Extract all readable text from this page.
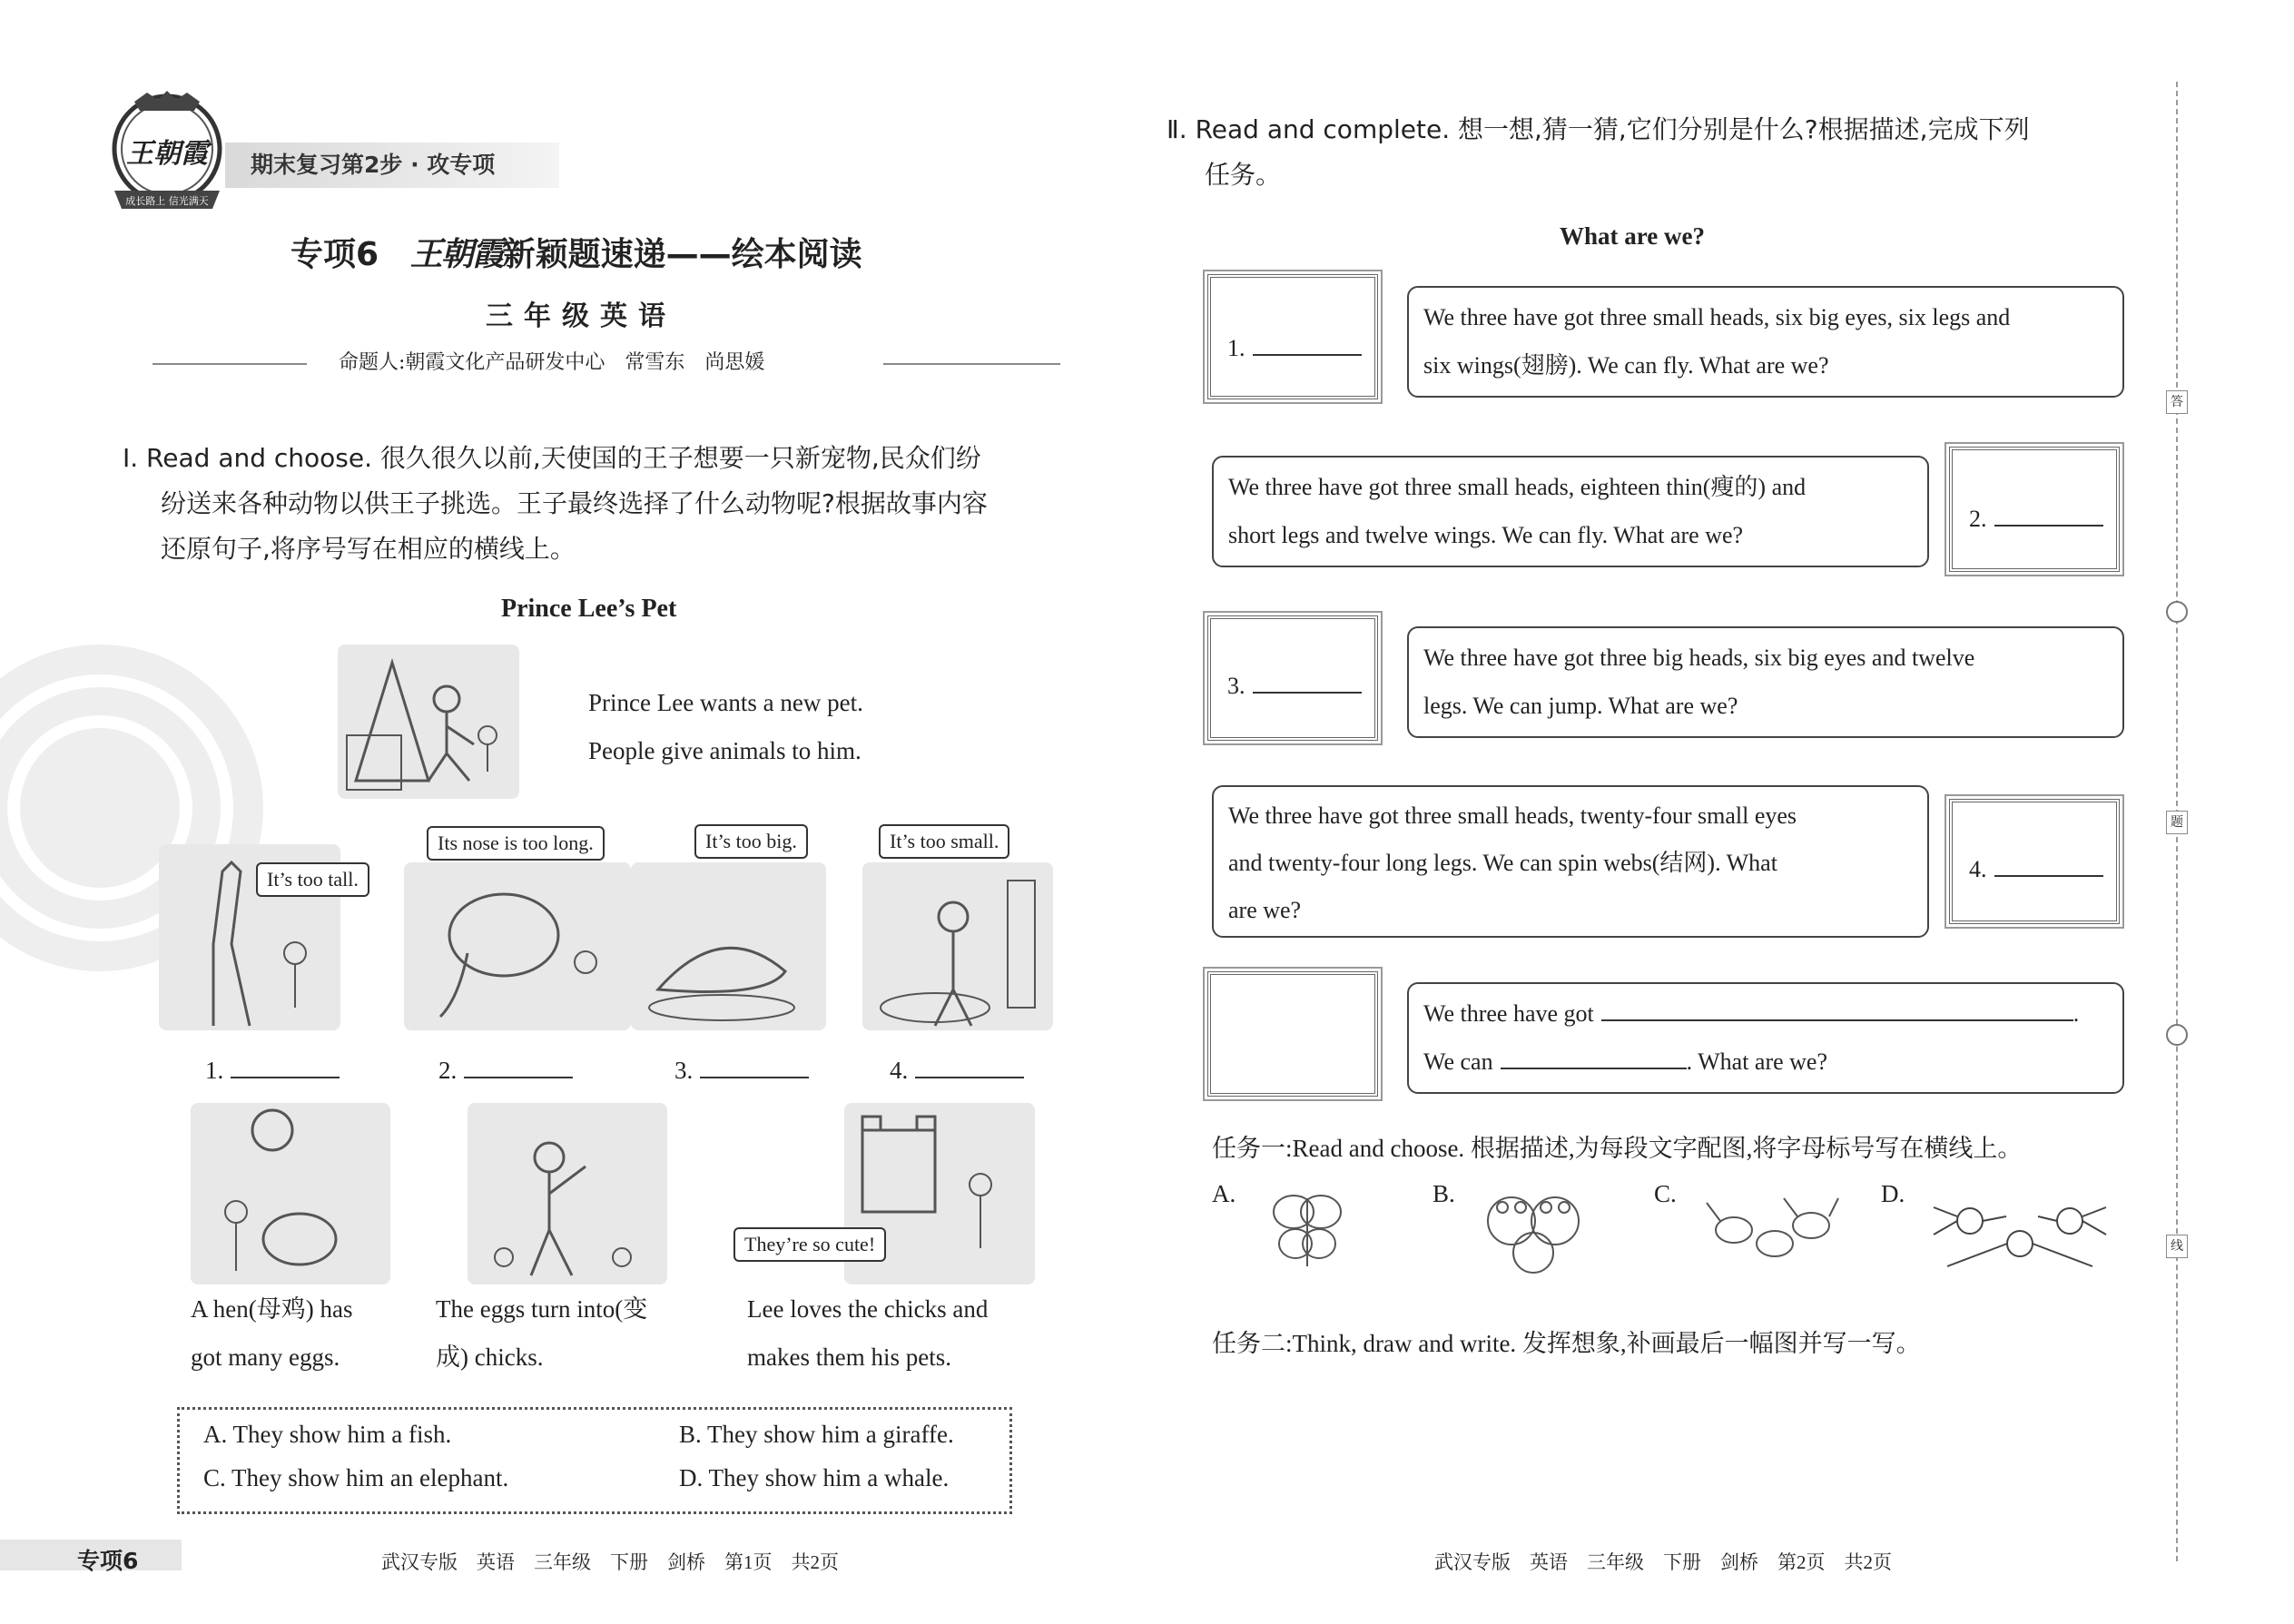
王朝霞
成长路上 信光满天
期末复习第2步 · 攻专项
专项6 王朝霞新颖题速递——绘本阅读
三年级英语
命题人:朝霞文化产品研发中心　常雪东　尚思媛
Ⅰ. Read and choose. 很久很久以前,天使国的王子想要一只新宠物,民众们纷
纷送来各种动物以供王子挑选。王子最终选择了什么动物呢?根据故事内容
还原句子,将序号写在相应的横线上。
Prince Lee’s Pet
Prince Lee wants a new pet.
People give animals to him.
It’s too tall.
Its nose is too long.	It’s too big.	It’s too small.
1.	2.	3.	4.
They’re so cute!
A hen(母鸡) has
got many eggs.
The eggs turn into(变
成) chicks.
Lee loves the chicks and
makes them his pets.
A. They show him a fish.	B. They show him a giraffe.
C. They show him an elephant.	D. They show him a whale.
Ⅱ. Read and complete. 想一想,猜一猜,它们分别是什么?根据描述,完成下列
任务。
What are we?
1.
We three have got three small heads, six big eyes, six legs and
six wings(翅膀). We can fly. What are we?
We three have got three small heads, eighteen thin(瘦的) and
short legs and twelve wings. We can fly. What are we?
2.
3.
We three have got three big heads, six big eyes and twelve
legs. We can jump. What are we?
We three have got three small heads, twenty-four small eyes
and twenty-four long legs. We can spin webs(结网). What
are we?
4.
We three have got	.
We can	. What are we?
任务一:Read and choose. 根据描述,为每段文字配图,将字母标号写在横线上。
A.	B.	C.	D.
任务二:Think, draw and write. 发挥想象,补画最后一幅图并写一写。
专项6	武汉专版　英语　三年级　下册　剑桥　第1页　共2页	武汉专版　英语　三年级　下册　剑桥　第2页　共2页
答
题
线
